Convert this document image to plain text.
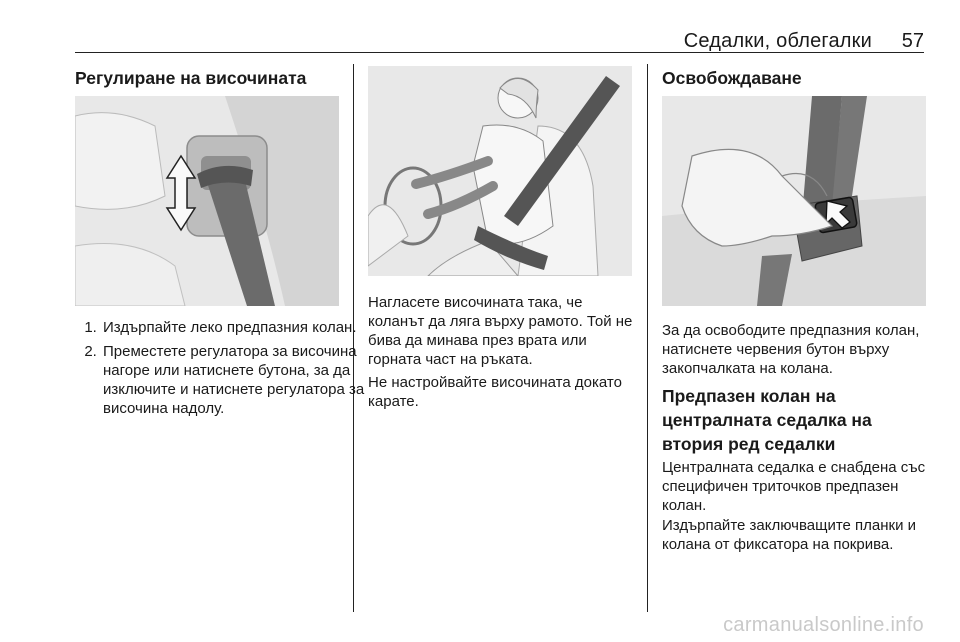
Седалки, облегалки 57
Регулиране на височината
1. Издърпайте леко предпазния колан.
2. Преместете регулатора за височина нагоре или натиснете бутона, за да изключите и натиснете регулатора за височина надолу.
Нагласете височината така, че коланът да ляга върху рамото. Той не бива да минава през врата или горната част на ръката.
Не настройвайте височината докато карате.
Освобождаване
За да освободите предпазния колан, натиснете червения бутон върху закопчалката на колана.
Предпазен колан на централната седалка на втория ред седалки
Централната седалка е снабдена със специфичен триточков предпазен колан.
Издърпайте заключващите планки и колана от фиксатора на покрива.
carmanualsonline.info
